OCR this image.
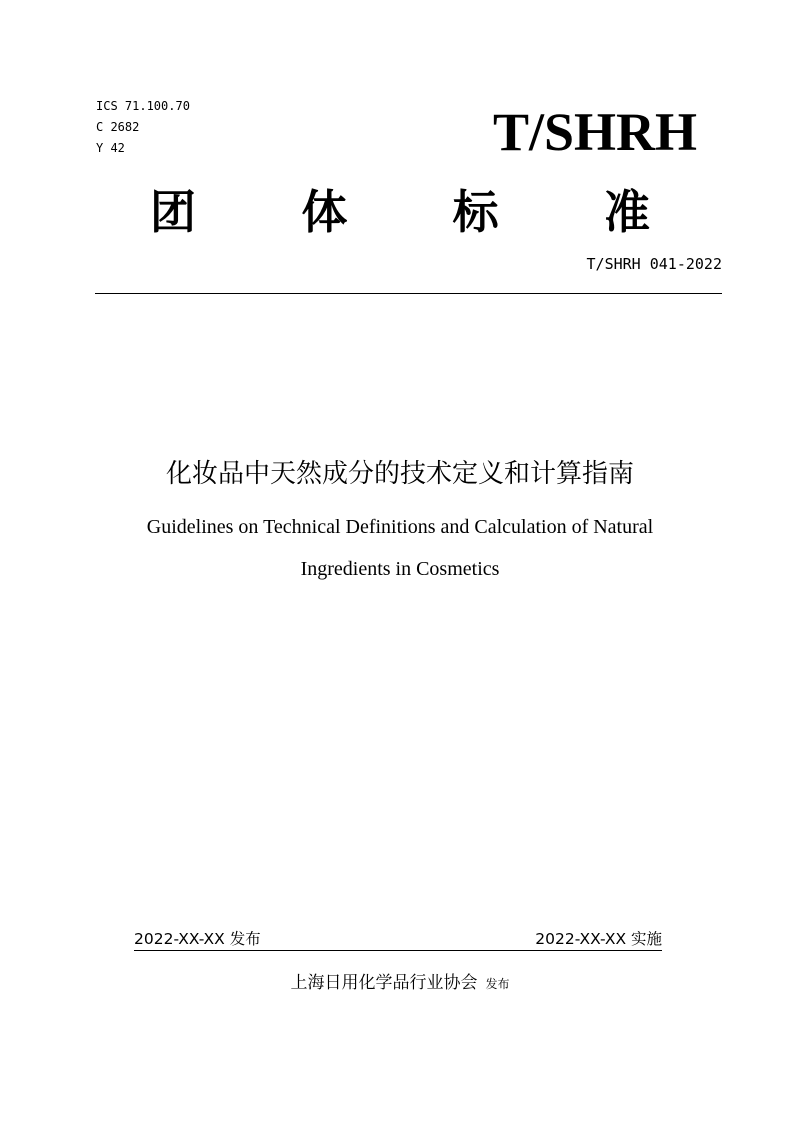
ICS 71.100.70
C 2682
Y 42	T/SHRH
团 体 标 准
T/SHRH 041-2022
化妆品中天然成分的技术定义和计算指南
Guidelines on Technical Definitions and Calculation of Natural
Ingredients in Cosmetics
2022-XX-XX 发布	2022-XX-XX 实施
上海日用化学品行业协会 发布
